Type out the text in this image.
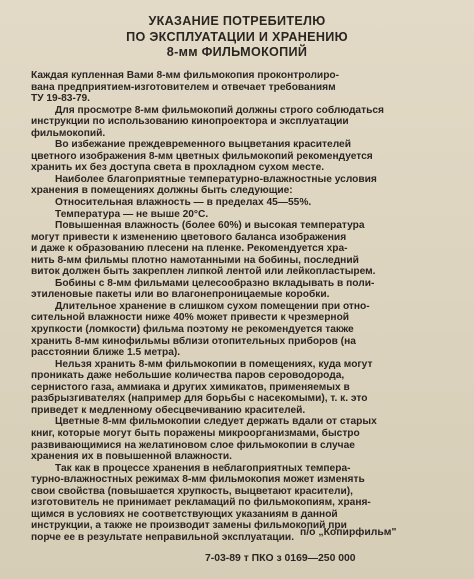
УКАЗАНИЕ ПОТРЕБИТЕЛЮ
ПО ЭКСПЛУАТАЦИИ И ХРАНЕНИЮ
8-мм ФИЛЬМОКОПИЙ
Каждая купленная Вами 8-мм фильмокопия проконтролиро-
вана предприятием-изготовителем и отвечает требованиям
ТУ 19-83-79.
Для просмотре 8-мм фильмокопий должны строго соблюдаться
инструкции по использованию кинопроектора и эксплуатации
фильмокопий.
Во избежание преждевременного выцветания красителей
цветного изображения 8-мм цветных фильмокопий рекомендуется
хранить их без доступа света в прохладном сухом месте.
Наиболее благоприятные температурно-влажностные условия
хранения в помещениях должны быть следующие:
Относительная влажность — в пределах 45—55%.
Температура — не выше 20°С.
Повышенная влажность (более 60%) и высокая температура
могут привести к изменению цветового баланса изображения
и даже к образованию плесени на пленке. Рекомендуется хра-
нить 8-мм фильмы плотно намотанными на бобины, последний
виток должен быть закреплен липкой лентой или лейкопластырем.
Бобины с 8-мм фильмами целесообразно вкладывать в поли-
этиленовые пакеты или во влагонепроницаемые коробки.
Длительное хранение в слишком сухом помещении при отно-
сительной влажности ниже 40% может привести к чрезмерной
хрупкости (ломкости) фильма поэтому не рекомендуется также
хранить 8-мм кинофильмы вблизи отопительных приборов (на
расстоянии ближе 1.5 метра).
Нельзя хранить 8-мм фильмокопии в помещениях, куда могут
проникать даже небольшие количества паров сероводорода,
сернистого газа, аммиака и других химикатов, применяемых в
разбрызгивателях (например для борьбы с насекомыми), т. к. это
приведет к медленному обесцвечиванию красителей.
Цветные 8-мм фильмокопии следует держать вдали от старых
книг, которые могут быть поражены микроорганизмами, быстро
развивающимися на желатиновом слое фильмокопии в случае
хранения их в повышенной влажности.
Так как в процессе хранения в неблагоприятных темпера-
турно-влажностных режимах 8-мм фильмокопия может изменять
свои свойства (повышается хрупкость, выцветают красители),
изготовитель не принимает рекламаций по фильмокопиям, храня-
щимся в условиях не соответствующих указаниям в данной
инструкции, а также не производит замены фильмокопий при
порче ее в результате неправильной эксплуатации. п/о „Копирфильм"
7-03-89 т ПКО з 0169—250 000
